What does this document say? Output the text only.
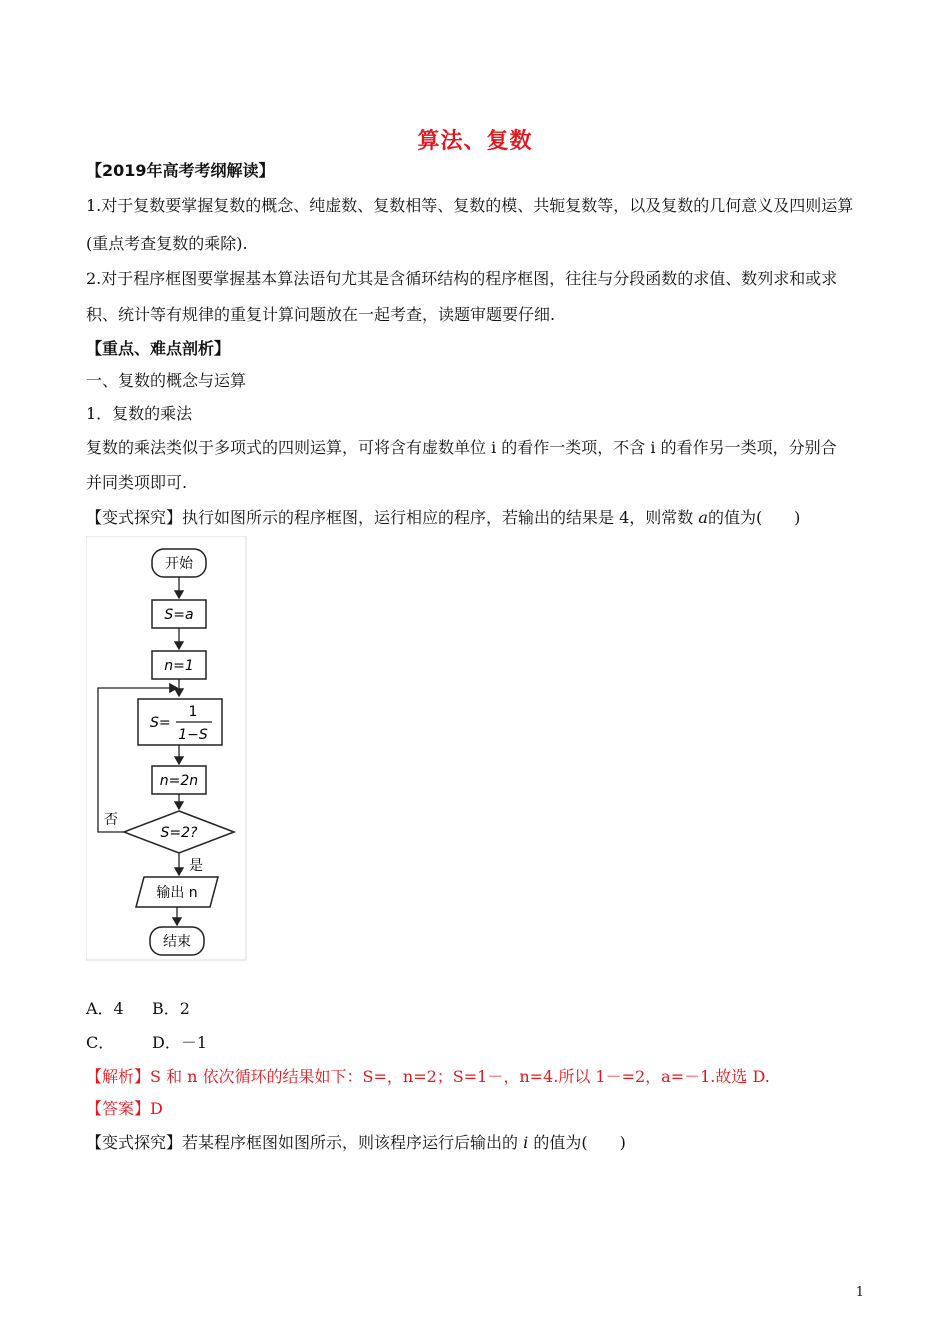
算法、复数
【2019年高考考纲解读】
1.对于复数要掌握复数的概念、纯虚数、复数相等、复数的模、共轭复数等，以及复数的几何意义及四则运算
(重点考查复数的乘除).
2.对于程序框图要掌握基本算法语句尤其是含循环结构的程序框图，往往与分段函数的求值、数列求和或求
积、统计等有规律的重复计算问题放在一起考查，读题审题要仔细.
【重点、难点剖析】
一、复数的概念与运算
1．复数的乘法
复数的乘法类似于多项式的四则运算，可将含有虚数单位 i 的看作一类项，不含 i 的看作另一类项，分别合
并同类项即可.
【变式探究】执行如图所示的程序框图，运行相应的程序，若输出的结果是 4，则常数 a的值为(　　)
开始
S=a
n=1
S=
1
1−S
n=2n
S=2?
否
是
输出 n
结束
A．4 B．2
C． D．－1
【解析】S 和 n 依次循环的结果如下：S=，n=2；S=1－，n=4.所以 1－=2，a=－1.故选 D.
【答案】D
【变式探究】若某程序框图如图所示，则该程序运行后输出的 i 的值为(　　)
1
